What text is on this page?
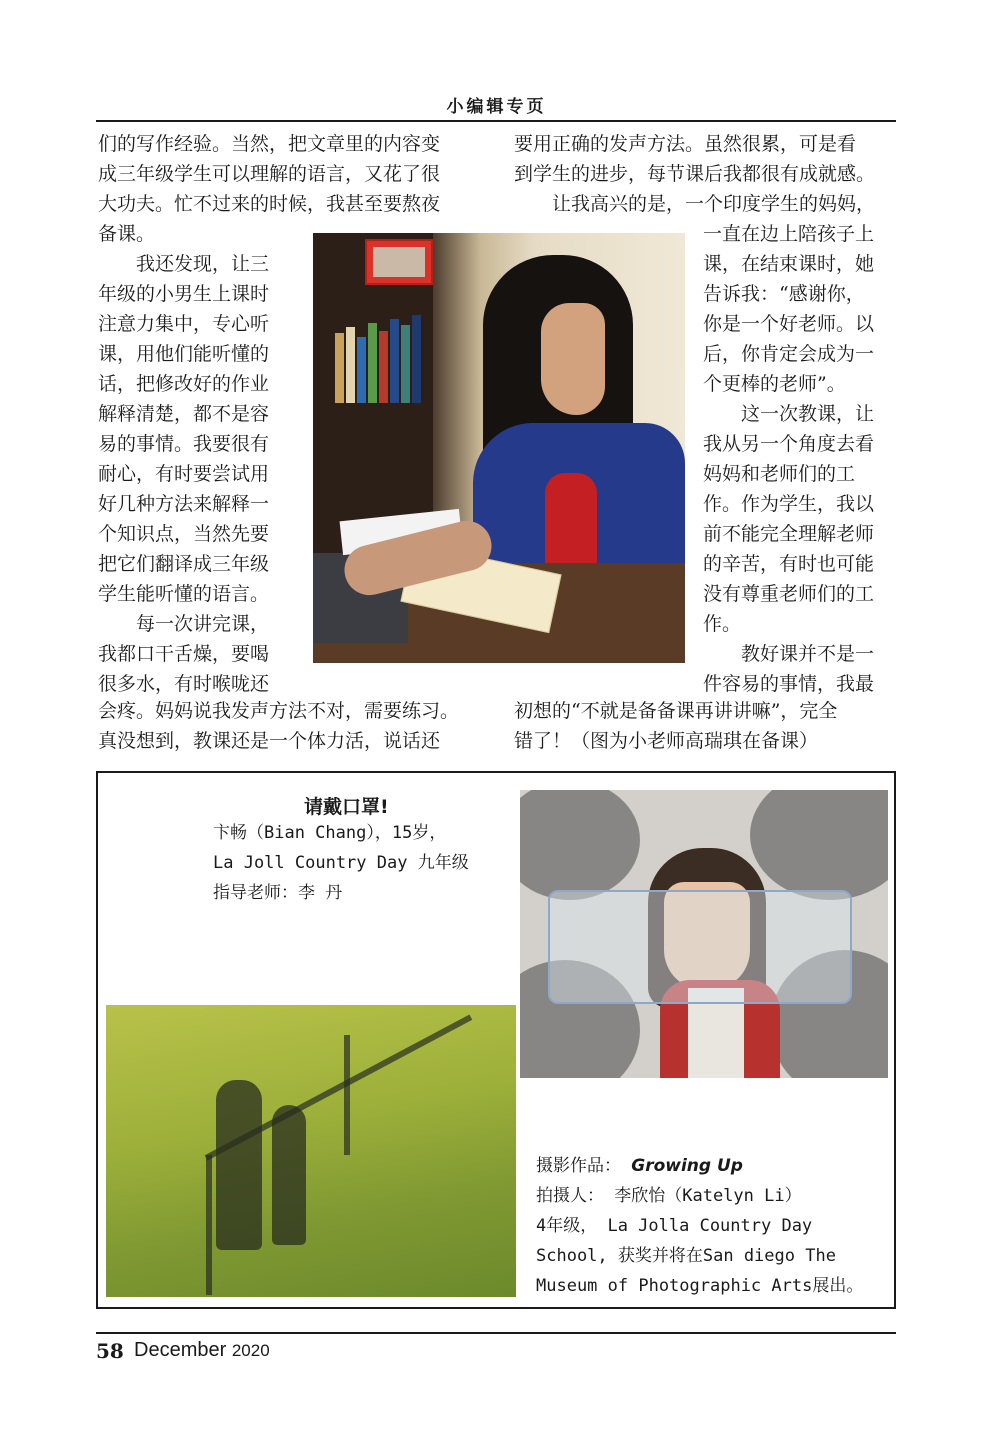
小编辑专页

们的写作经验。当然，把文章里的内容变

成三年级学生可以理解的语言，又花了很

大功夫。忙不过来的时候，我甚至要熬夜

备课。

我还发现，让三

年级的小男生上课时

注意力集中，专心听

课，用他们能听懂的

话，把修改好的作业

解释清楚，都不是容

易的事情。我要很有

耐心，有时要尝试用

好几种方法来解释一

个知识点，当然先要

把它们翻译成三年级

学生能听懂的语言。

每一次讲完课，

我都口干舌燥，要喝

很多水，有时喉咙还

会疼。妈妈说我发声方法不对，需要练习。

真没想到，教课还是一个体力活，说话还

要用正确的发声方法。虽然很累，可是看

到学生的进步，每节课后我都很有成就感。

让我高兴的是，一个印度学生的妈妈，

一直在边上陪孩子上

课，在结束课时，她

告诉我：“感谢你，

你是一个好老师。以

后，你肯定会成为一

个更棒的老师”。

这一次教课，让

我从另一个角度去看

妈妈和老师们的工

作。作为学生，我以

前不能完全理解老师

的辛苦，有时也可能

没有尊重老师们的工

作。

教好课并不是一

件容易的事情，我最

初想的“不就是备备课再讲讲嘛”，完全

错了！（图为小老师高瑞琪在备课）

请戴口罩!

卞畅（Bian Chang），15岁，

La Joll Country Day 九年级

指导老师：李 丹

摄影作品： Growing Up

拍摄人： 李欣怡（Katelyn Li）

4年级， La Jolla Country Day

School, 获奖并将在San diego The

Museum of Photographic Arts展出。

58 December 2020
